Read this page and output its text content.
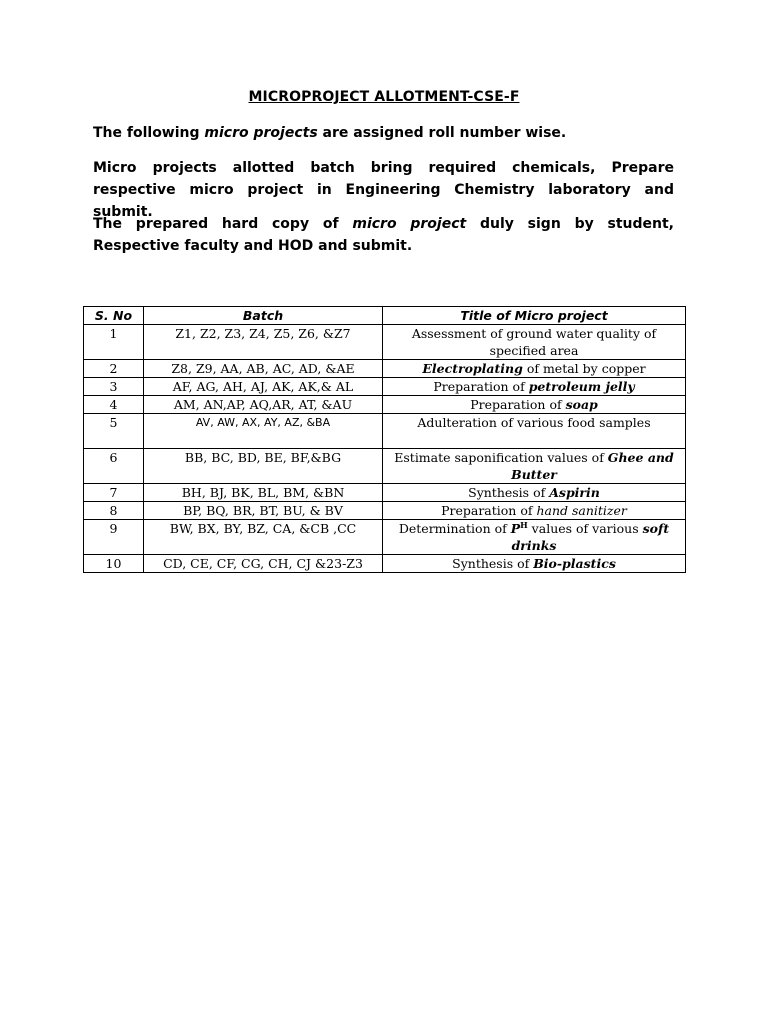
MICROPROJECT ALLOTMENT-CSE-F
The following micro projects are assigned roll number wise.
Micro projects allotted batch bring required chemicals, Prepare respective micro project in Engineering Chemistry laboratory and submit.
The prepared hard copy of micro project duly sign by student, Respective faculty and HOD and submit.
S. No	Batch	Title of Micro project
1	Z1, Z2, Z3, Z4, Z5, Z6, &Z7	Assessment of ground water quality of specified area
2	Z8, Z9, AA, AB, AC, AD, &AE	Electroplating of metal by copper
3	AF, AG, AH, AJ, AK, AK,& AL	Preparation of petroleum jelly
4	AM, AN,AP, AQ,AR, AT, &AU	Preparation of soap
5	AV, AW, AX, AY, AZ, &BA	Adulteration of various food samples
6	BB, BC, BD, BE, BF,&BG	Estimate saponification values of Ghee and Butter
7	BH, BJ, BK, BL, BM, &BN	Synthesis of Aspirin
8	BP, BQ, BR, BT, BU, & BV	Preparation of hand sanitizer
9	BW, BX, BY, BZ, CA, &CB ,CC	Determination of $P^H$ values of various soft drinks
10	CD, CE, CF, CG, CH, CJ &23-Z3	Synthesis of Bio-plastics
